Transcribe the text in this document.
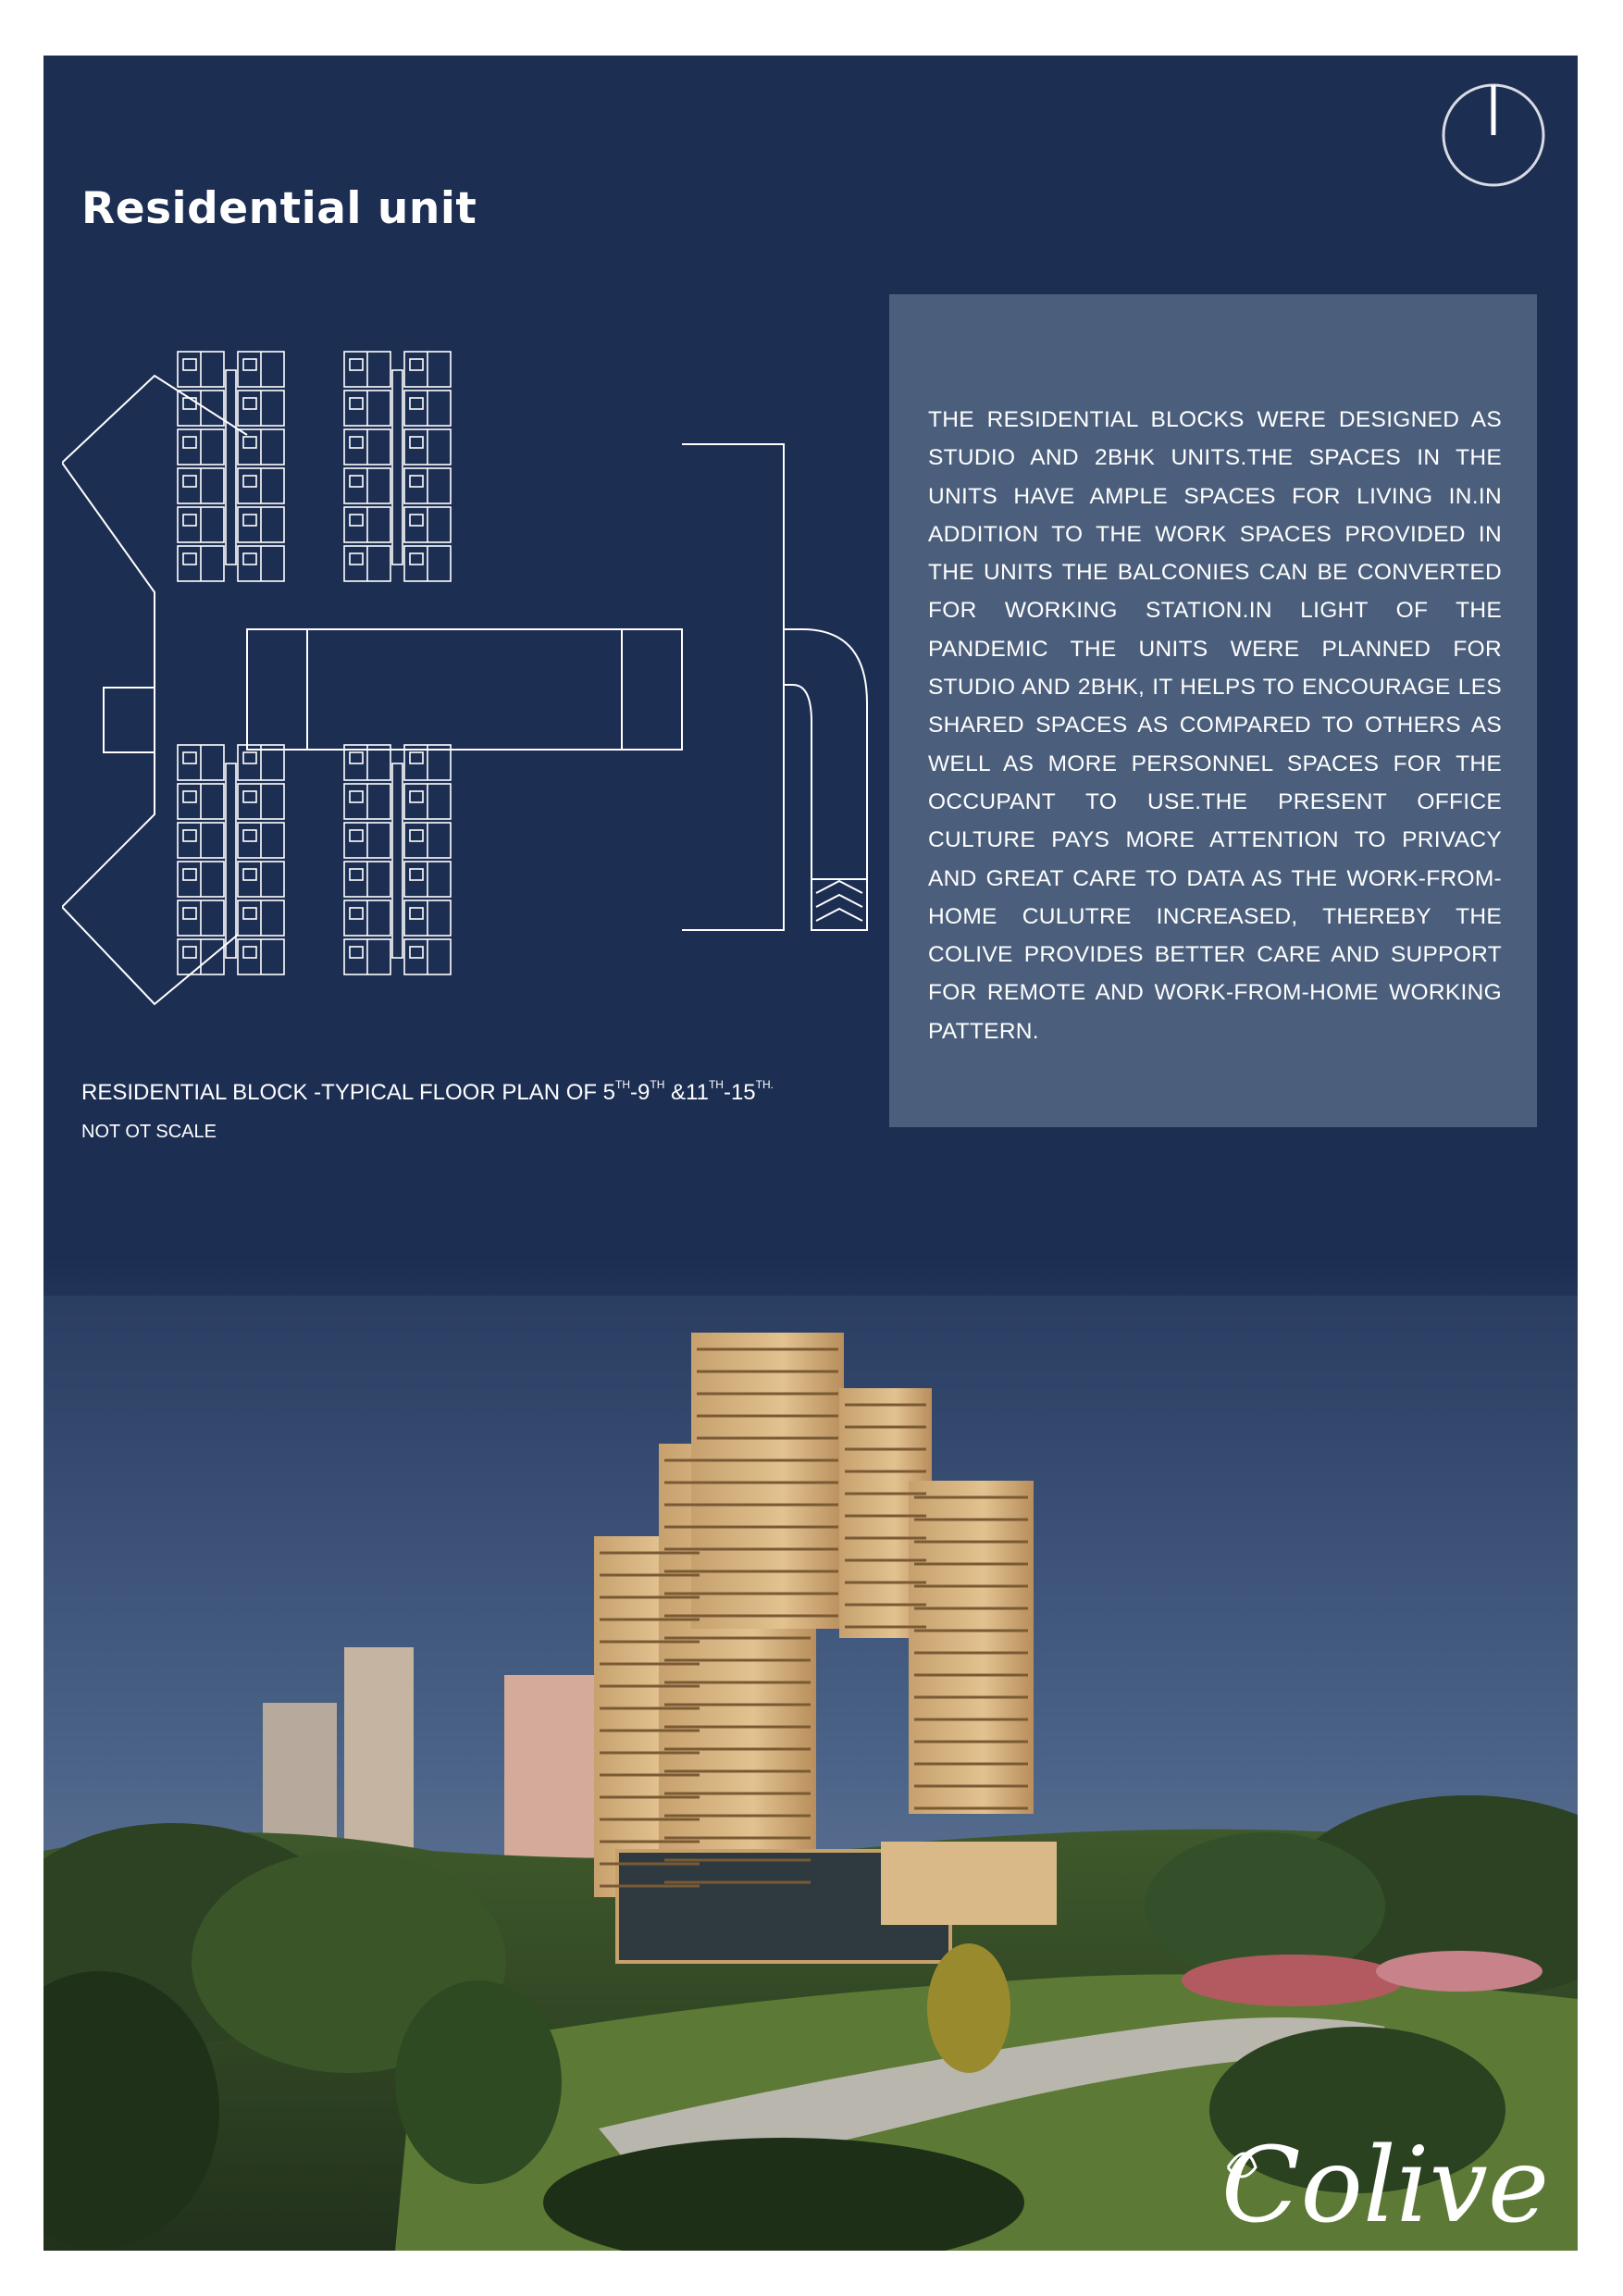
Residential unit
RESIDENTIAL BLOCK -TYPICAL FLOOR PLAN OF 5TH-9TH $\&11TH-15^{TH.}$
NOT OT SCALE
THE RESIDENTIAL BLOCKS WERE DESIGNED AS STUDIO AND 2BHK UNITS.THE SPACES IN THE UNITS HAVE AMPLE SPACES FOR LIVING IN.IN ADDITION TO THE WORK SPACES PROVIDED IN THE UNITS THE BALCONIES CAN BE CONVERTED FOR WORKING STATION.IN LIGHT OF THE PANDEMIC THE UNITS WERE PLANNED FOR STUDIO AND 2BHK, IT HELPS TO ENCOURAGE LES SHARED SPACES AS COMPARED TO OTHERS AS WELL AS MORE PERSONNEL SPACES FOR THE OCCUPANT TO USE.THE PRESENT OFFICE CULTURE PAYS MORE ATTENTION TO PRIVACY AND GREAT CARE TO DATA AS THE WORK-FROM-HOME CULUTRE INCREASED, THEREBY THE COLIVE PROVIDES BETTER CARE AND SUPPORT FOR REMOTE AND WORK-FROM-HOME WORKING PATTERN.
Colive
